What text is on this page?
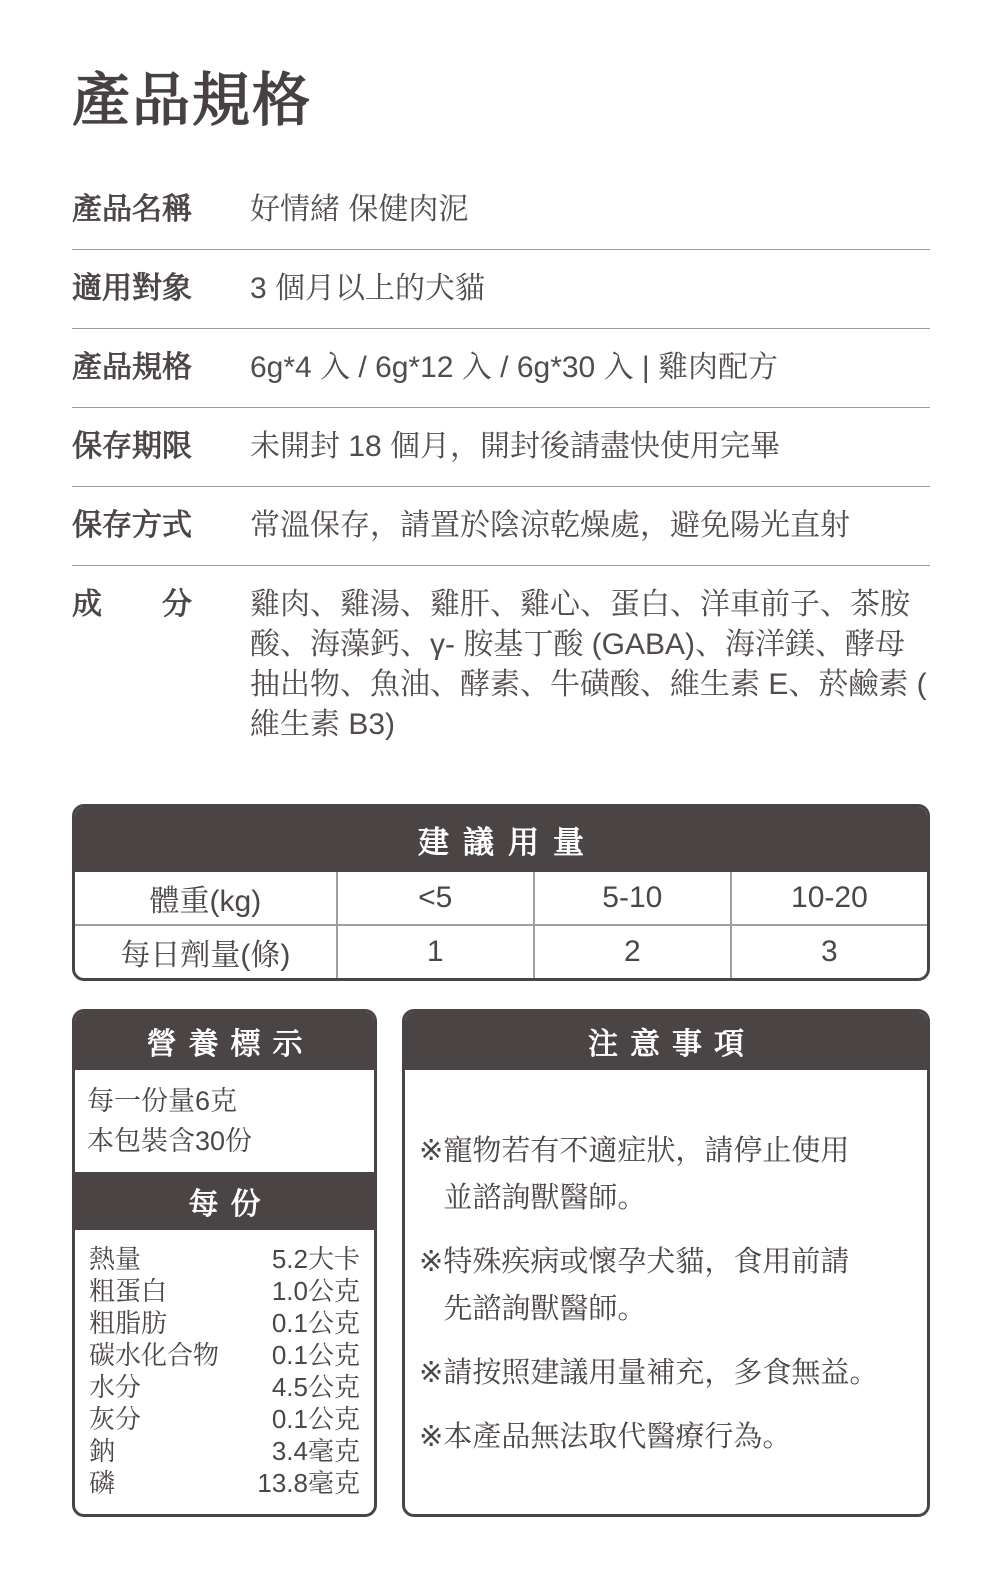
產品規格
產品名稱 好情緒 保健肉泥
適用對象 3 個月以上的犬貓
產品規格 6g*4 入 / 6g*12 入 / 6g*30 入 | 雞肉配方
保存期限 未開封 18 個月，開封後請盡快使用完畢
保存方式 常溫保存，請置於陰涼乾燥處，避免陽光直射
成分 雞肉、雞湯、雞肝、雞心、蛋白、洋車前子、茶胺酸、海藻鈣、γ- 胺基丁酸 (GABA)、海洋鎂、酵母抽出物、魚油、酵素、牛磺酸、維生素 E、菸鹼素 ( 維生素 B3)
建議用量
體重(kg)	<5	5-10	10-20
每日劑量(條)	1	2	3
營養標示
每一份量6克
本包裝含30份
每份
熱量	5.2大卡
粗蛋白	1.0公克
粗脂肪	0.1公克
碳水化合物 0.1公克
水分	4.5公克
灰分	0.1公克
鈉	3.4毫克
磷	13.8毫克
注意事項

※ 寵物若有不適症狀，請停止使用
並諮詢獸醫師。

※ 特殊疾病或懷孕犬貓，食用前請
先諮詢獸醫師。

※ 請按照建議用量補充，多食無益。

※ 本產品無法取代醫療行為。
